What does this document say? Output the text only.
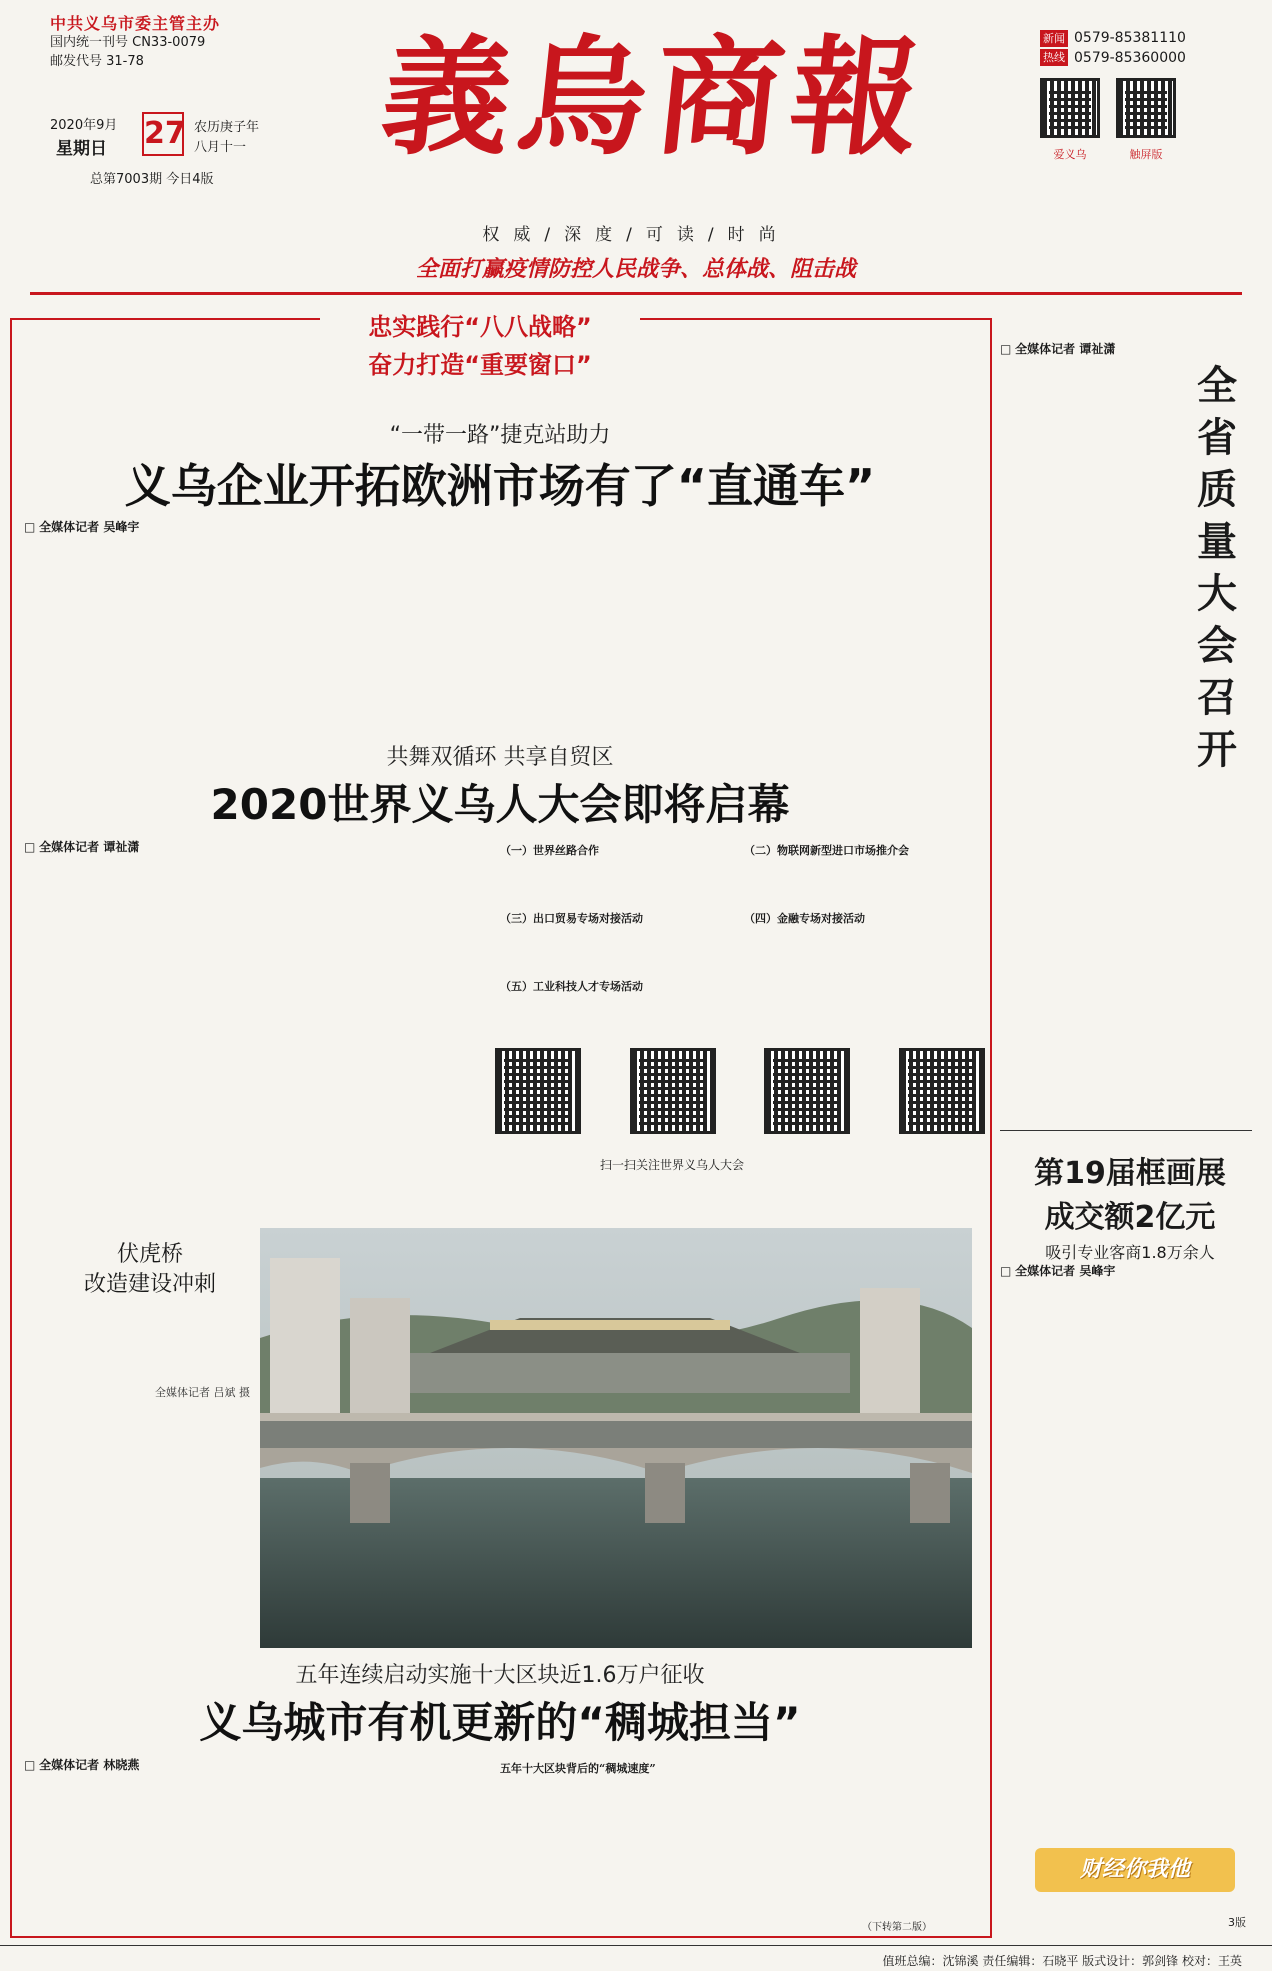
中共义乌市委主管主办
国内统一刊号 CN33-0079
邮发代号 31-78
2020年9月
星期日 27 农历庚子年
八月十一
总第7003期 今日4版
義烏商報	新闻
热线
0579-85381110
0579-85360000
爱义乌	触屏版
权威/深度/可读/时尚
全面打赢疫情防控人民战争、总体战、阻击战
忠实践行“八八战略”
奋力打造“重要窗口”
“一带一路”捷克站助力
义乌企业开拓欧洲市场有了“直通车”
□ 全媒体记者 吴峰宇
共舞双循环 共享自贸区
2020世界义乌人大会即将启幕
□ 全媒体记者 谭祉潇	（一）世界丝路合作	（二）物联网新型进口市场推介会
（三）出口贸易专场对接活动	（四）金融专场对接活动
（五）工业科技人才专场活动
扫一扫关注世界义乌人大会
伏虎桥
改造建设冲刺
全媒体记者 吕斌 摄
五年连续启动实施十大区块近1.6万户征收
义乌城市有机更新的“稠城担当”
□ 全媒体记者 林晓燕	五年十大区块背后的“稠城速度”
（下转第二版）
□ 全媒体记者 谭祉潇
全省质量大会召开
第19届框画展
成交额2亿元
吸引专业客商1.8万余人
□ 全媒体记者 吴峰宇
财经你我他
3版
值班总编：沈锦溪 责任编辑：石晓平 版式设计：郭剑锋 校对：王英
